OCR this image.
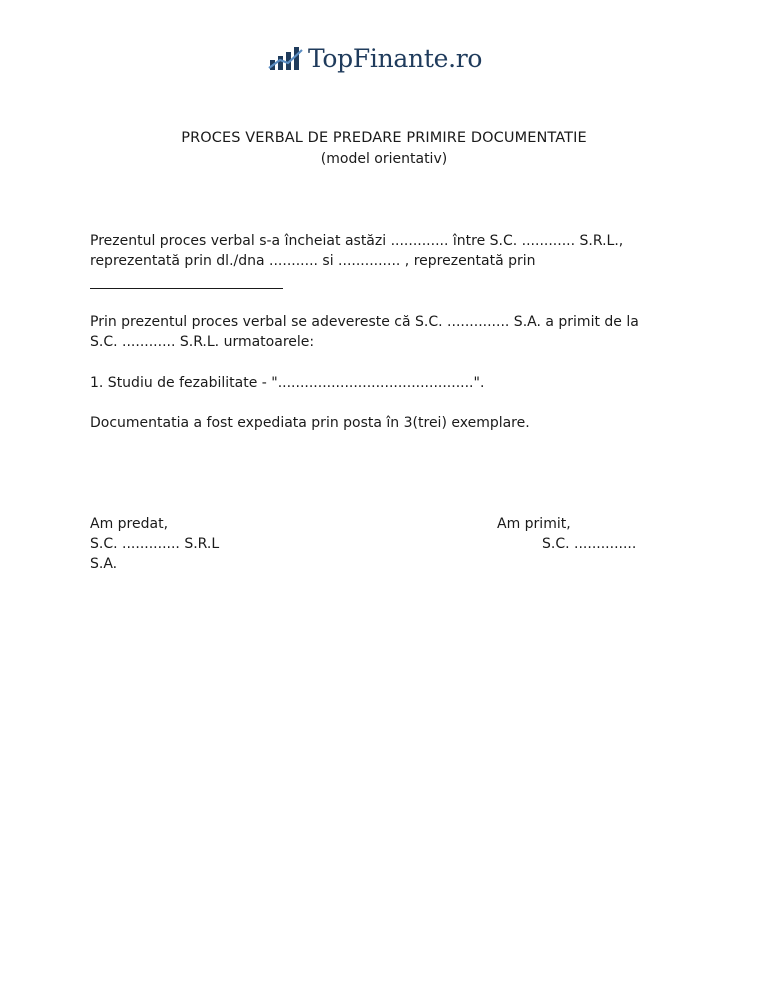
TopFinante.ro
PROCES VERBAL DE PREDARE PRIMIRE DOCUMENTATIE
(model orientativ)
Prezentul proces verbal s-a încheiat astăzi ............. între S.C. ............ S.R.L.,
reprezentată prin dl./dna ........... si .............. , reprezentată prin
Prin prezentul proces verbal se adevereste că S.C. .............. S.A. a primit de la
S.C. ............ S.R.L. urmatoarele:
1. Studiu de fezabilitate - "............................................".
Documentatia a fost expediata prin posta în 3(trei) exemplare.
Am predat,
S.C. ............. S.R.L
S.A.
Am primit,
S.C. ..............
